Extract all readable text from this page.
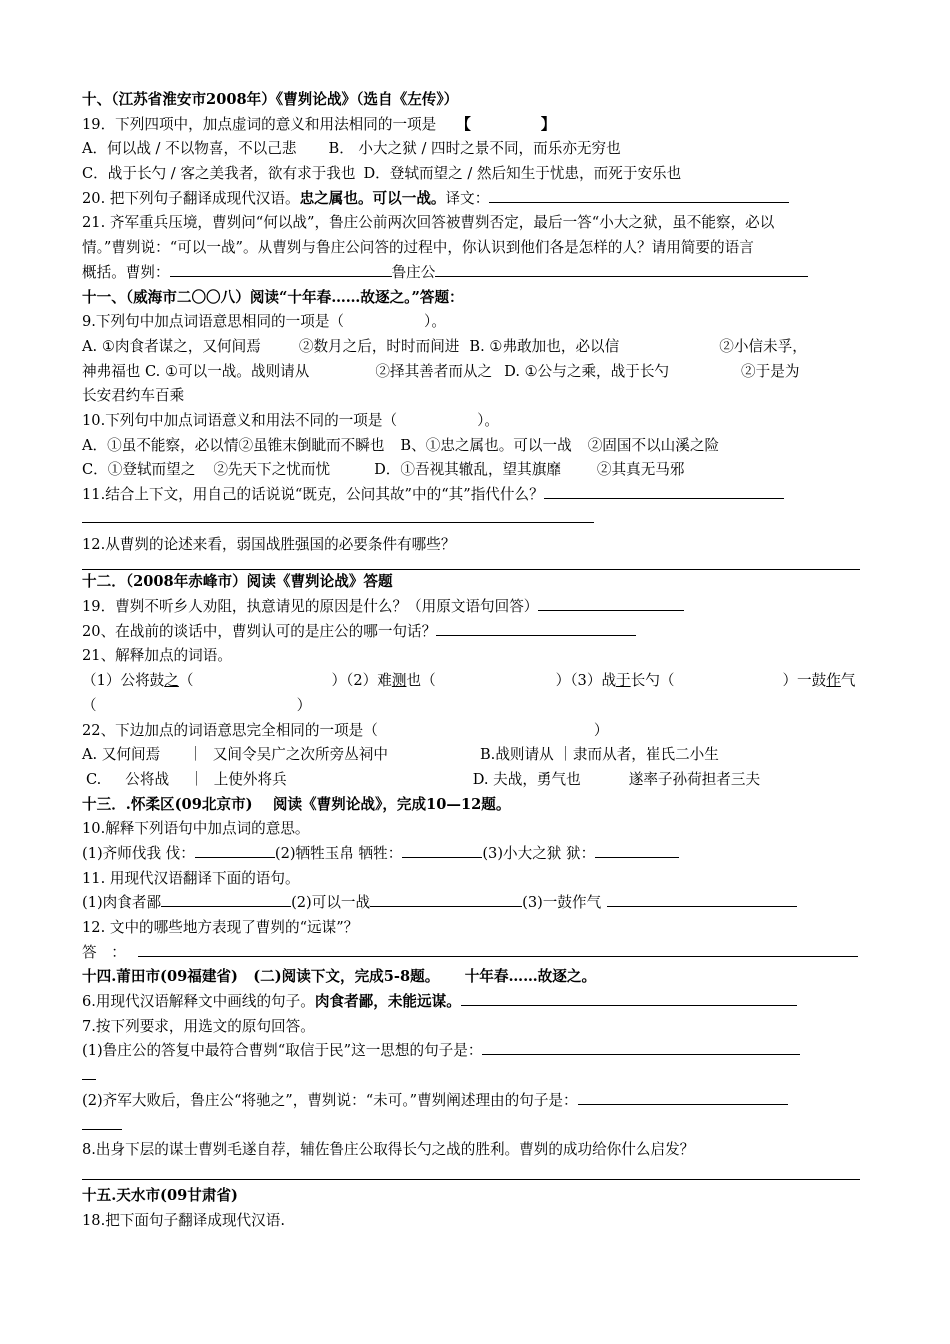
十、（江苏省淮安市2008年）《曹刿论战》（选自《左传》）
19．下列四项中，加点虚词的意义和用法相同的一项是 【	】
A．何以战 / 不以物喜，不以己悲 B． 小大之狱 / 四时之景不同，而乐亦无穷也
C．战于长勺 / 客之美我者，欲有求于我也 D．登轼而望之 / 然后知生于忧患，而死于安乐也
20. 把下列句子翻译成现代汉语。忠之属也。可以一战。译文：
21. 齐军重兵压境，曹刿问“何以战”，鲁庄公前两次回答被曹刿否定，最后一答“小大之狱，虽不能察，必以
情。”曹刿说：“可以一战”。从曹刿与鲁庄公问答的过程中，你认识到他们各是怎样的人？请用简要的语言
概括。曹刿：	鲁庄公
十一、（威海市二〇〇八）阅读“十年春……故逐之。”答题：
9.下列句中加点词语意思相同的一项是（	）。
A. ①肉食者谋之，又何间焉	②数月之后，时时而间进 B. ①弗敢加也，必以信	②小信未孚，
神弗福也 C. ①可以一战。战则请从	②择其善者而从之 D. ①公与之乘，战于长勺	②于是为
长安君约车百乘
10.下列句中加点词语意义和用法不同的一项是（	）。
A．①虽不能察，必以情②虽锥末倒眦而不瞬也 B、①忠之属也。可以一战 ②固国不以山溪之险
C．①登轼而望之 ②先天下之忧而忧	D．①吾视其辙乱，望其旗靡 ②其真无马邪
11.结合上下文，用自己的话说说“既克，公问其故”中的“其”指代什么？
12.从曹刿的论述来看，弱国战胜强国的必要条件有哪些？
十二．（2008年赤峰市）阅读《曹刿论战》答题
19．曹刿不听乡人劝阻，执意请见的原因是什么？（用原文语句回答）
20、在战前的谈话中，曹刿认可的是庄公的哪一句话？
21、解释加点的词语。
（1）公将鼓之（	）（2）难测也（	）（3）战于长勺（	）一鼓作气
（	）
22、下边加点的词语意思完全相同的一项是（	）
A. 又何间焉 ｜ 又间令吴广之次所旁丛祠中	B.战则请从 ｜隶而从者，崔氏二小生
C. 公将战 ｜ 上使外将兵	D. 夫战，勇气也	遂率子孙荷担者三夫
十三．.怀柔区(09北京市)    阅读《曹刿论战》，完成10—12题。
10.解释下列语句中加点词的意思。
(1)齐师伐我 伐：	(2)牺牲玉帛 牺牲：	(3)小大之狱 狱：
11. 用现代汉语翻译下面的语句。
(1)肉食者鄙	(2)可以一战	(3)一鼓作气
12. 文中的哪些地方表现了曹刿的“远谋”？
答　：
十四.莆田市(09福建省)   (二)阅读下文，完成5-8题。     十年春……故逐之。
6.用现代汉语解释文中画线的句子。肉食者鄙，未能远谋。
7.按下列要求，用选文的原句回答。
(1)鲁庄公的答复中最符合曹刿“取信于民”这一思想的句子是：
(2)齐军大败后，鲁庄公“将驰之”，曹刿说：“未可。”曹刿阐述理由的句子是：
8.出身下层的谋士曹刿毛遂自荐，辅佐鲁庄公取得长勺之战的胜利。曹刿的成功给你什么启发？
十五.天水市(09甘肃省)
18.把下面句子翻译成现代汉语.
